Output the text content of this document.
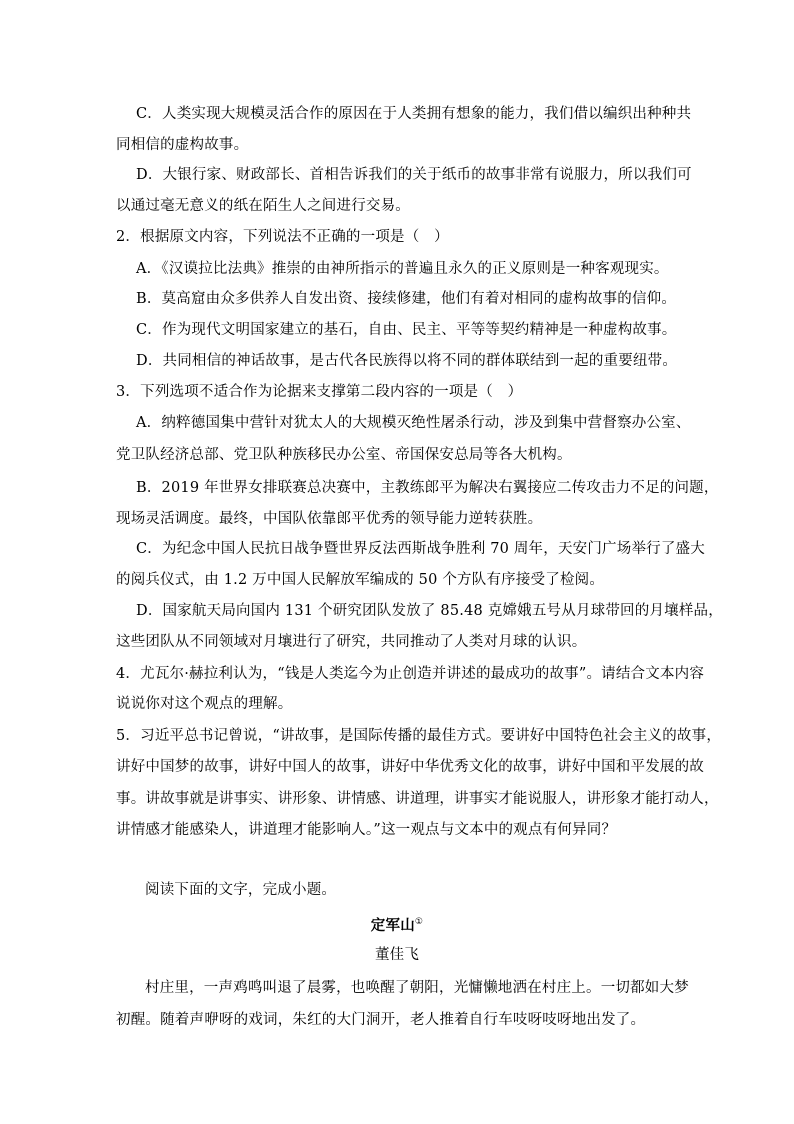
C．人类实现大规模灵活合作的原因在于人类拥有想象的能力，我们借以编织出种种共
同相信的虚构故事。
D．大银行家、财政部长、首相告诉我们的关于纸币的故事非常有说服力，所以我们可
以通过毫无意义的纸在陌生人之间进行交易。
2．根据原文内容，下列说法不正确的一项是（　）
A．《汉谟拉比法典》推崇的由神所指示的普遍且永久的正义原则是一种客观现实。
B．莫高窟由众多供养人自发出资、接续修建，他们有着对相同的虚构故事的信仰。
C．作为现代文明国家建立的基石，自由、民主、平等等契约精神是一种虚构故事。
D．共同相信的神话故事，是古代各民族得以将不同的群体联结到一起的重要纽带。
3．下列选项不适合作为论据来支撑第二段内容的一项是（　）
A．纳粹德国集中营针对犹太人的大规模灭绝性屠杀行动，涉及到集中营督察办公室、
党卫队经济总部、党卫队种族移民办公室、帝国保安总局等各大机构。
B．2019 年世界女排联赛总决赛中，主教练郎平为解决右翼接应二传攻击力不足的问题，
现场灵活调度。最终，中国队依靠郎平优秀的领导能力逆转获胜。
C．为纪念中国人民抗日战争暨世界反法西斯战争胜利 70 周年，天安门广场举行了盛大
的阅兵仪式，由 1.2 万中国人民解放军编成的 50 个方队有序接受了检阅。
D．国家航天局向国内 131 个研究团队发放了 85.48 克嫦娥五号从月球带回的月壤样品，
这些团队从不同领域对月壤进行了研究，共同推动了人类对月球的认识。
4．尤瓦尔·赫拉利认为，“钱是人类迄今为止创造并讲述的最成功的故事”。请结合文本内容
说说你对这个观点的理解。
5．习近平总书记曾说，“讲故事，是国际传播的最佳方式。要讲好中国特色社会主义的故事，
讲好中国梦的故事，讲好中国人的故事，讲好中华优秀文化的故事，讲好中国和平发展的故
事。讲故事就是讲事实、讲形象、讲情感、讲道理，讲事实才能说服人，讲形象才能打动人，
讲情感才能感染人，讲道理才能影响人。”这一观点与文本中的观点有何异同？
阅读下面的文字，完成小题。
定军山①
董佳飞
村庄里，一声鸡鸣叫退了晨雾，也唤醒了朝阳，光慵懒地洒在村庄上。一切都如大梦
初醒。随着声咿呀的戏词，朱红的大门洞开，老人推着自行车吱呀吱呀地出发了。
